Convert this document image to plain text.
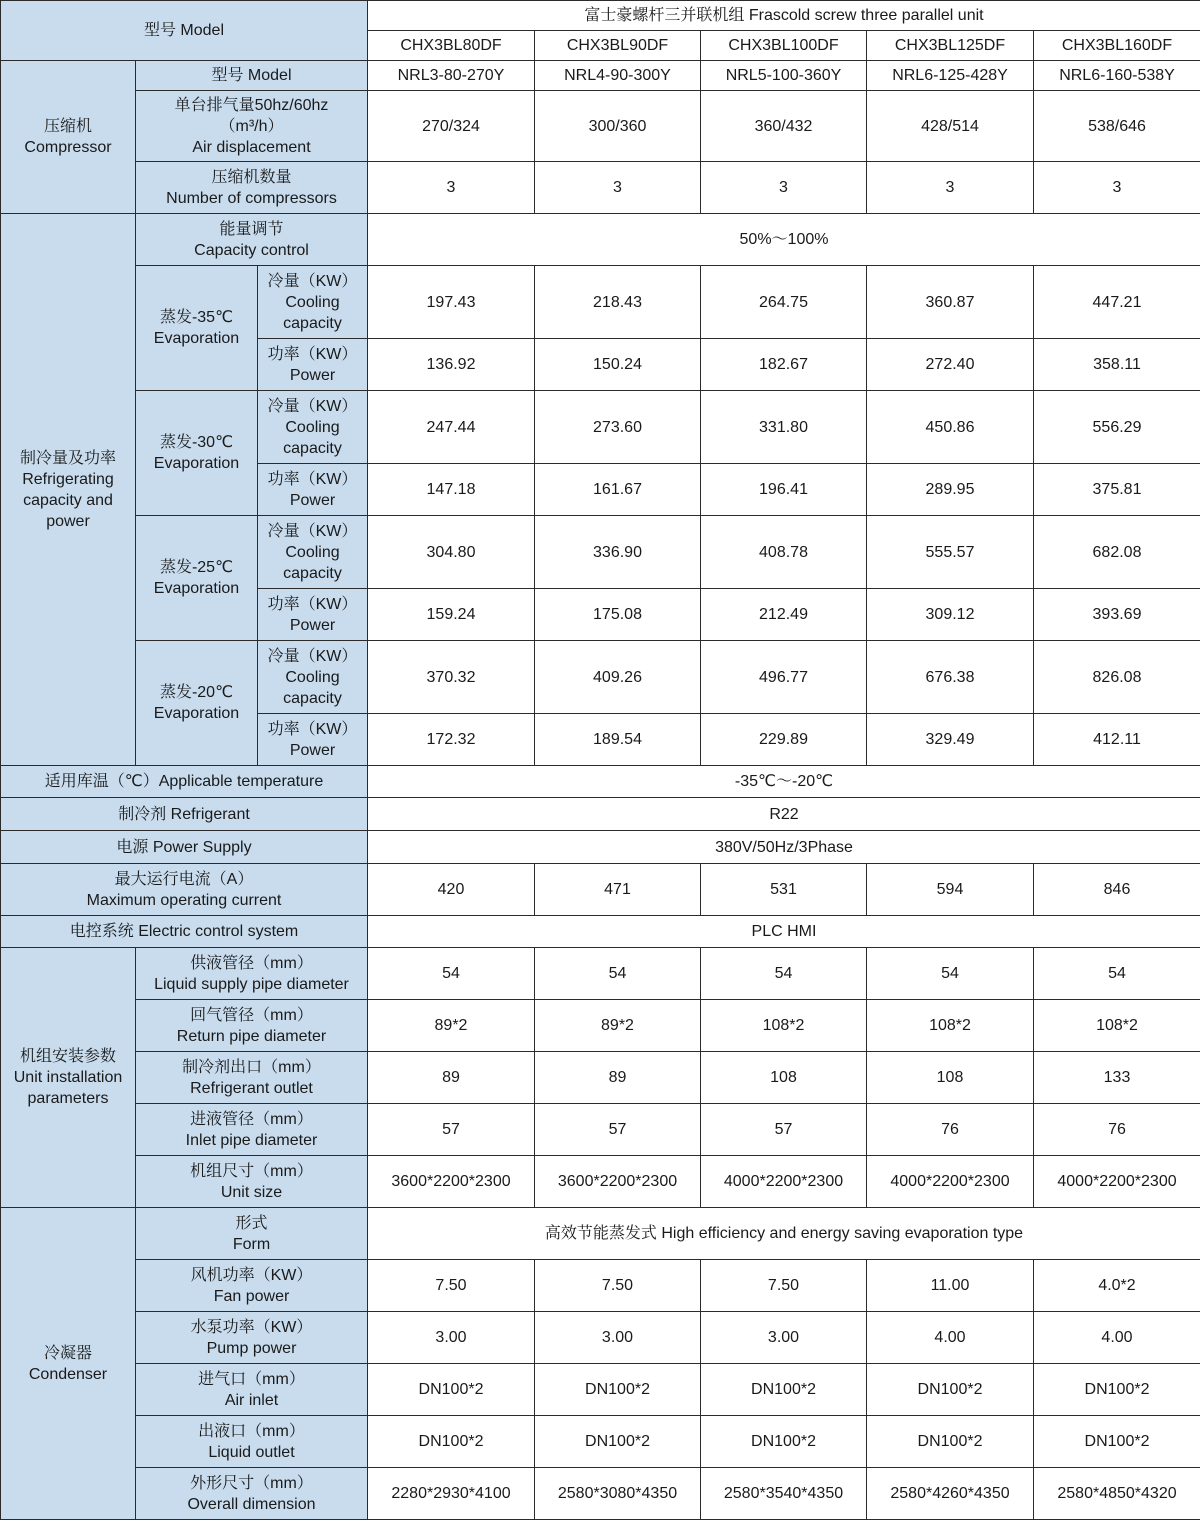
型号 Model			富士豪螺杆三并联机组 Frascold screw three parallel unit				
			CHX3BL80DF	CHX3BL90DF	CHX3BL100DF	CHX3BL125DF	CHX3BL160DF

压缩机
Compressor	型号 Model		NRL3-80-270Y	NRL4-90-300Y	NRL5-100-360Y	NRL6-125-428Y	NRL6-160-538Y

	单台排气量50hz/60hz
（m³/h）
Air displacement		270/324	300/360	360/432	428/514	538/646

	压缩机数量
Number of compressors		3	3	3	3	3

制冷量及功率
Refrigerating
capacity and
power	能量调节
Capacity control		50%～100%				

	蒸发-35℃
Evaporation	冷量（KW）
Cooling
capacity	197.43	218.43	264.75	360.87	447.21

		功率（KW）
Power	136.92	150.24	182.67	272.40	358.11

	蒸发-30℃
Evaporation	冷量（KW）
Cooling
capacity	247.44	273.60	331.80	450.86	556.29

		功率（KW）
Power	147.18	161.67	196.41	289.95	375.81

	蒸发-25℃
Evaporation	冷量（KW）
Cooling
capacity	304.80	336.90	408.78	555.57	682.08

		功率（KW）
Power	159.24	175.08	212.49	309.12	393.69

	蒸发-20℃
Evaporation	冷量（KW）
Cooling
capacity	370.32	409.26	496.77	676.38	826.08

		功率（KW）
Power	172.32	189.54	229.89	329.49	412.11
适用库温（℃）Applicable temperature			-35℃～-20℃				
制冷剂 Refrigerant			R22				
电源 Power Supply			380V/50Hz/3Phase				

最大运行电流（A）
Maximum operating current			420	471	531	594	846
电控系统 Electric control system			PLC HMI				

机组安装参数
Unit installation
parameters	供液管径（mm）
Liquid supply pipe diameter		54	54	54	54	54

	回气管径（mm）
Return pipe diameter		89*2	89*2	108*2	108*2	108*2

	制冷剂出口（mm）
Refrigerant outlet		89	89	108	108	133

	进液管径（mm）
Inlet pipe diameter		57	57	57	76	76

	机组尺寸（mm）
Unit size		3600*2200*2300	3600*2200*2300	4000*2200*2300	4000*2200*2300	4000*2200*2300

冷凝器
Condenser	形式
Form		高效节能蒸发式 High efficiency and energy saving evaporation type				

	风机功率（KW）
Fan power		7.50	7.50	7.50	11.00	4.0*2

	水泵功率（KW）
Pump power		3.00	3.00	3.00	4.00	4.00

	进气口（mm）
Air inlet		DN100*2	DN100*2	DN100*2	DN100*2	DN100*2

	出液口（mm）
Liquid outlet		DN100*2	DN100*2	DN100*2	DN100*2	DN100*2

	外形尺寸（mm）
Overall dimension		2280*2930*4100	2580*3080*4350	2580*3540*4350	2580*4260*4350	2580*4850*4320
